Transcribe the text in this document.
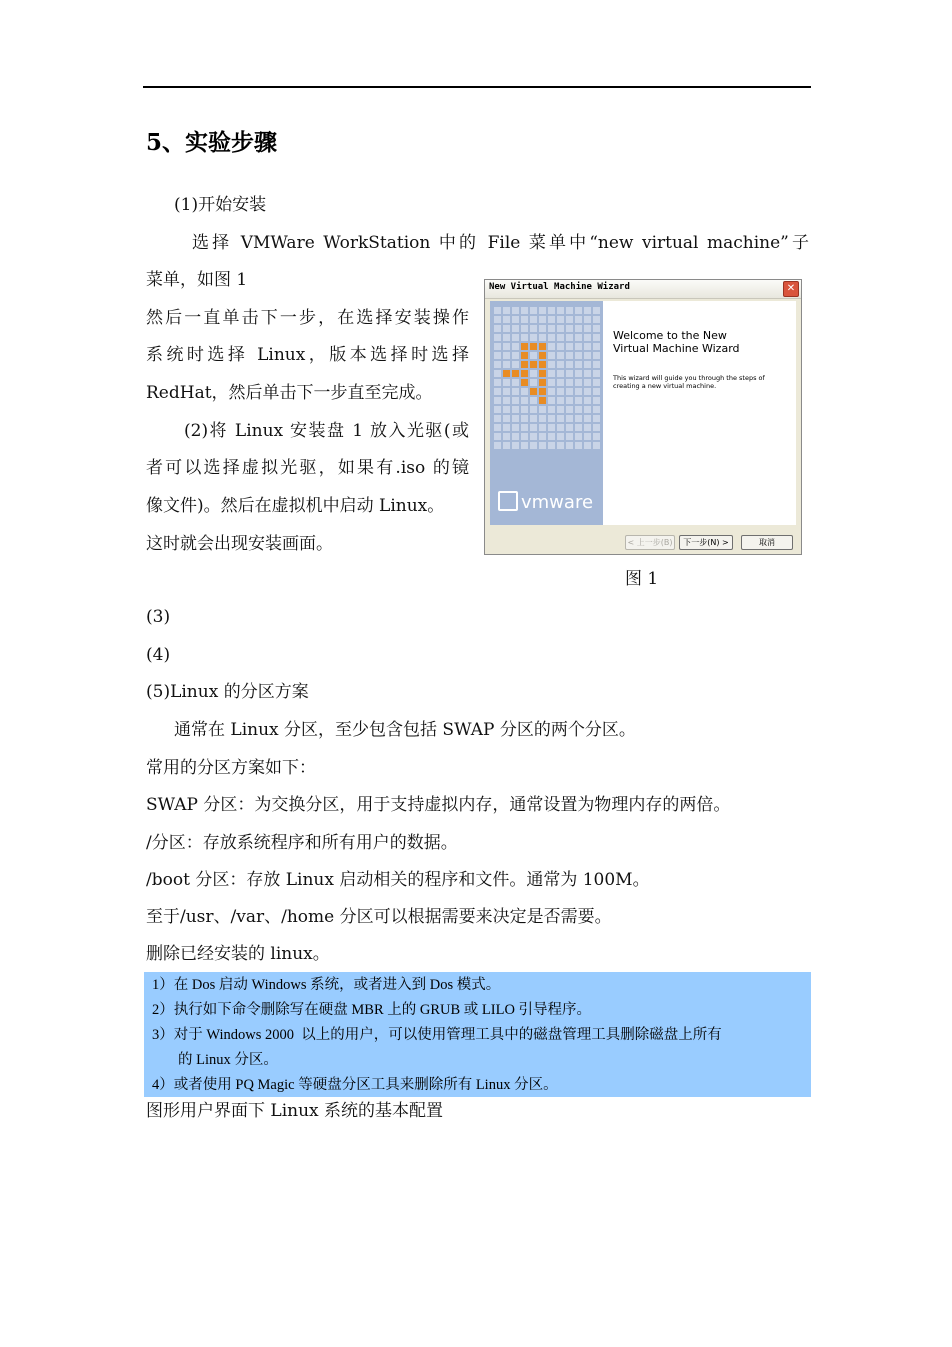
5、实验步骤
(1)开始安装
选择 VMWare WorkStation 中的 File 菜单中“new virtual machine”子
菜单，如图 1
然后一直单击下一步，在选择安装操作
系统时选择 Linux，版本选择时选择
RedHat，然后单击下一步直至完成。
(2)将 Linux 安装盘 1 放入光驱(或
者可以选择虚拟光驱，如果有.iso 的镜
像文件)。然后在虚拟机中启动 Linux。
这时就会出现安装画面。
New Virtual Machine Wizard	✕
vmware
Welcome to the New
Virtual Machine Wizard
This wizard will guide you through the steps of creating a new virtual machine.
< 上一步(B)	下一步(N) >	取消
图 1
(3)
(4)
(5)Linux 的分区方案
通常在 Linux 分区，至少包含包括 SWAP 分区的两个分区。
常用的分区方案如下：
SWAP 分区：为交换分区，用于支持虚拟内存，通常设置为物理内存的两倍。
/分区：存放系统程序和所有用户的数据。
/boot 分区：存放 Linux 启动相关的程序和文件。通常为 100M。
至于/usr、/var、/home 分区可以根据需要来决定是否需要。
删除已经安装的 linux。
1）在 Dos 启动 Windows 系统，或者进入到 Dos 模式。
2）执行如下命令删除写在硬盘 MBR 上的 GRUB 或 LILO 引导程序。
3）对于 Windows 2000  以上的用户，可以使用管理工具中的磁盘管理工具删除磁盘上所有
的 Linux 分区。
4）或者使用 PQ Magic 等硬盘分区工具来删除所有 Linux 分区。
图形用户界面下 Linux 系统的基本配置
